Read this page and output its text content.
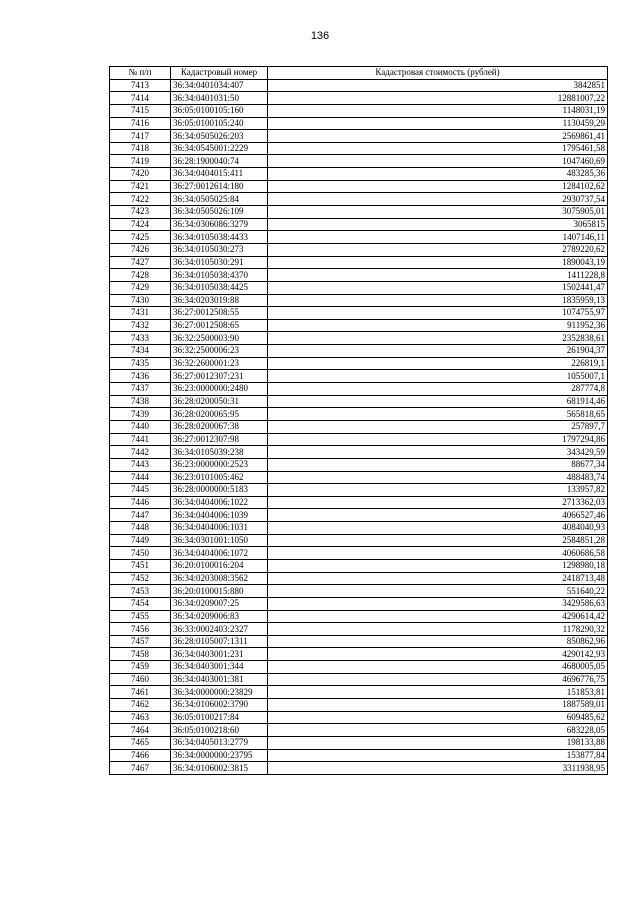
136
№ п/п	Кадастровый номер	Кадастровая стоимость (рублей)
7413	36:34:0401034:407	3842851
7414	36:34:0401031:50	12881007,22
7415	36:05:0100105:160	1148031,19
7416	36:05:0100105:240	1130459,29
7417	36:34:0505026:203	2569861,41
7418	36:34:0545001:2229	1795461,58
7419	36:28:1900040:74	1047460,69
7420	36:34:0404015:411	483285,36
7421	36:27:0012614:180	1284102,62
7422	36:34:0505025:84	2930737,54
7423	36:34:0505026:109	3075905,01
7424	36:34:0306086:3279	3065815
7425	36:34:0105038:4433	1407146,11
7426	36:34:0105030:273	2789220,62
7427	36:34:0105030:291	1890043,19
7428	36:34:0105038:4370	1411228,8
7429	36:34:0105038:4425	1502441,47
7430	36:34:0203019:88	1835959,13
7431	36:27:0012508:55	1074755,97
7432	36:27:0012508:65	911952,36
7433	36:32:2500003:90	2352838,61
7434	36:32:2500006:23	261904,37
7435	36:32:2600001:23	226819,1
7436	36:27:0012307:231	1055007,1
7437	36:23:0000000:2480	287774,8
7438	36:28:0200050:31	681914,46
7439	36:28:0200065:95	565818,65
7440	36:28:0200067:38	257897,7
7441	36:27:0012307:98	1797294,86
7442	36:34:0105039:238	343429,59
7443	36:23:0000000:2523	88677,34
7444	36:23:0101005:462	488483,74
7445	36:28:0000000:5183	133957,82
7446	36:34:0404006:1022	2713362,03
7447	36:34:0404006:1039	4066527,46
7448	36:34:0404006:1031	4084040,93
7449	36:34:0301001:1050	2584851,28
7450	36:34:0404006:1072	4060686,58
7451	36:20:0100016:204	1298980,18
7452	36:34:0203008:3562	2418713,48
7453	36:20:0100015:880	551640,22
7454	36:34:0209007:25	3429586,63
7455	36:34:0209006:83	4290614,42
7456	36:33:0002403:2327	1178290,32
7457	36:28:0105007:1311	850862,96
7458	36:34:0403001:231	4290142,93
7459	36:34:0403001:344	4680005,05
7460	36:34:0403001:381	4696776,75
7461	36:34:0000000:23829	151853,81
7462	36:34:0106002:3790	1887589,01
7463	36:05:0100217:84	609485,62
7464	36:05:0100218:60	683228,05
7465	36:34:0405013:2779	198133,88
7466	36:34:0000000:23795	153877,84
7467	36:34:0106002:3815	3311938,95
